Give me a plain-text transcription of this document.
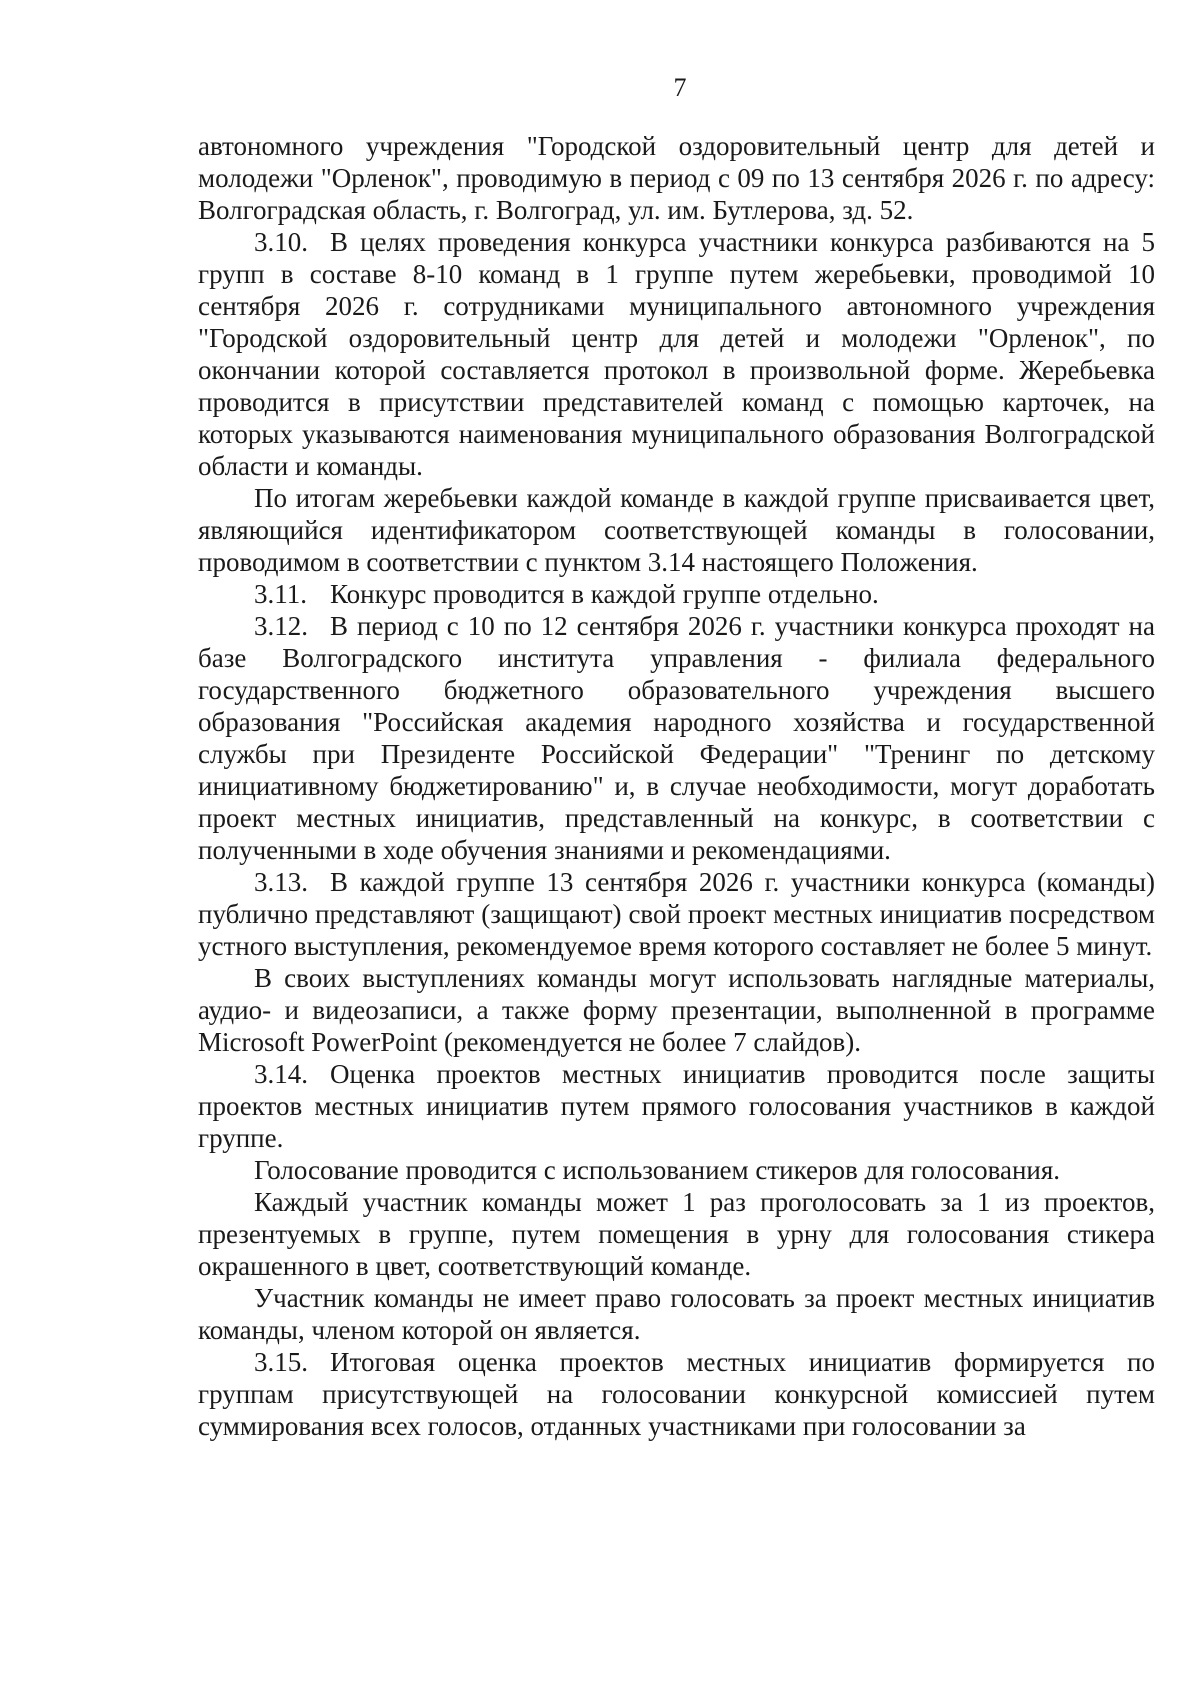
7

автономного учреждения "Городской оздоровительный центр для детей и молодежи "Орленок", проводимую в период с 09 по 13 сентября 2026 г. по адресу: Волгоградская область, г. Волгоград, ул. им. Бутлерова, зд. 52.

3.10. В целях проведения конкурса участники конкурса разбиваются на 5 групп в составе 8-10 команд в 1 группе путем жеребьевки, проводимой 10 сентября 2026 г. сотрудниками муниципального автономного учреждения "Городской оздоровительный центр для детей и молодежи "Орленок", по окончании которой составляется протокол в произвольной форме. Жеребьевка проводится в присутствии представителей команд с помощью карточек, на которых указываются наименования муниципального образования Волгоградской области и команды.

По итогам жеребьевки каждой команде в каждой группе присваивается цвет, являющийся идентификатором соответствующей команды в голосовании, проводимом в соответствии с пунктом 3.14 настоящего Положения.

3.11. Конкурс проводится в каждой группе отдельно.

3.12. В период с 10 по 12 сентября 2026 г. участники конкурса проходят на базе Волгоградского института управления - филиала федерального государственного бюджетного образовательного учреждения высшего образования "Российская академия народного хозяйства и государственной службы при Президенте Российской Федерации" "Тренинг по детскому инициативному бюджетированию" и, в случае необходимости, могут доработать проект местных инициатив, представленный на конкурс, в соответствии с полученными в ходе обучения знаниями и рекомендациями.

3.13. В каждой группе 13 сентября 2026 г. участники конкурса (команды) публично представляют (защищают) свой проект местных инициатив посредством устного выступления, рекомендуемое время которого составляет не более 5 минут.

В своих выступлениях команды могут использовать наглядные материалы, аудио- и видеозаписи, а также форму презентации, выполненной в программе Microsoft PowerPoint (рекомендуется не более 7 слайдов).

3.14. Оценка проектов местных инициатив проводится после защиты проектов местных инициатив путем прямого голосования участников в каждой группе.

Голосование проводится с использованием стикеров для голосования.

Каждый участник команды может 1 раз проголосовать за 1 из проектов, презентуемых в группе, путем помещения в урну для голосования стикера окрашенного в цвет, соответствующий команде.

Участник команды не имеет право голосовать за проект местных инициатив команды, членом которой он является.

3.15. Итоговая оценка проектов местных инициатив формируется по группам присутствующей на голосовании конкурсной комиссией путем суммирования всех голосов, отданных участниками при голосовании за
